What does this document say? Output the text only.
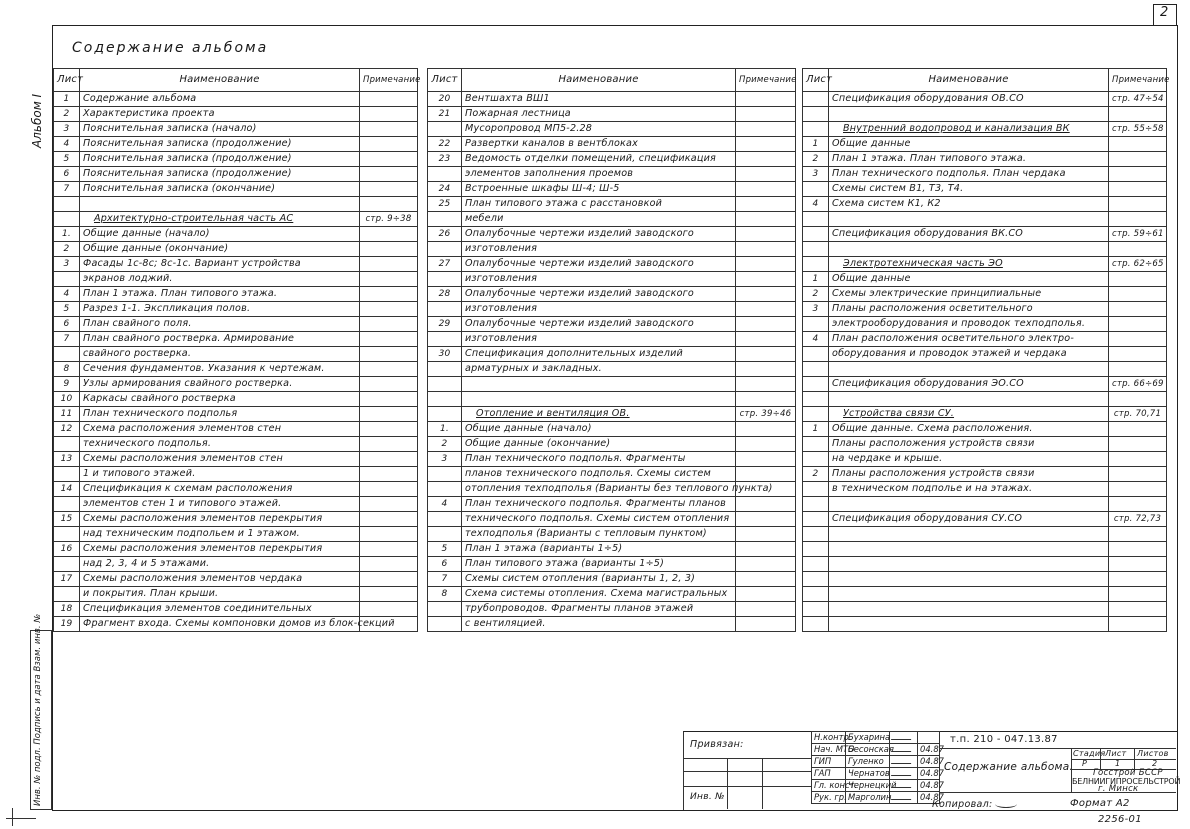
2
Альбом I
Инв. № подл. Подпись и дата Взам. инв. №
Содержание альбома
Лист	Наименование	Примечание
1	Содержание альбома	
2	Характеристика проекта	
3	Пояснительная записка (начало)	
4	Пояснительная записка (продолжение)	
5	Пояснительная записка (продолжение)	
6	Пояснительная записка (продолжение)	
7	Пояснительная записка (окончание)	

	Архитектурно-строительная часть АС	стр. 9÷38
1.	Общие данные (начало)	
2	Общие данные (окончание)	
3	Фасады 1с-8с; 8с-1с. Вариант устройства	
	экранов лоджий.	
4	План 1 этажа. План типового этажа.	
5	Разрез 1-1. Экспликация полов.	
6	План свайного поля.	
7	План свайного ростверка. Армирование	
	свайного ростверка.	
8	Сечения фундаментов. Указания к чертежам.	
9	Узлы армирования свайного ростверка.	
10	Каркасы свайного ростверка	
11	План технического подполья	
12	Схема расположения элементов стен	
	технического подполья.	
13	Схемы расположения элементов стен	
	1 и типового этажей.	
14	Спецификация к схемам расположения	
	элементов стен 1 и типового этажей.	
15	Схемы расположения элементов перекрытия	
	над техническим подпольем и 1 этажом.	
16	Схемы расположения элементов перекрытия	
	над 2, 3, 4 и 5 этажами.	
17	Схемы расположения элементов чердака	
	и покрытия. План крыши.	
18	Спецификация элементов соединительных	
19	Фрагмент входа. Схемы компоновки домов из блок-секций	
Лист	Наименование	Примечание
20	Вентшахта ВШ1	
21	Пожарная лестница	
	Мусоропровод МП5-2.28	
22	Развертки каналов в вентблоках	
23	Ведомость отделки помещений, спецификация	
	элементов заполнения проемов	
24	Встроенные шкафы Ш-4; Ш-5	
25	План типового этажа с расстановкой	
	мебели	
26	Опалубочные чертежи изделий заводского	
	изготовления	
27	Опалубочные чертежи изделий заводского	
	изготовления	
28	Опалубочные чертежи изделий заводского	
	изготовления	
29	Опалубочные чертежи изделий заводского	
	изготовления	
30	Спецификация дополнительных изделий	
	арматурных и закладных.	

	Отопление и вентиляция ОВ.	стр. 39÷46
1.	Общие данные (начало)	
2	Общие данные (окончание)	
3	План технического подполья. Фрагменты	
	планов технического подполья. Схемы систем	
	отопления техподполья (Варианты без теплового пункта)	
4	План технического подполья. Фрагменты планов	
	технического подполья. Схемы систем отопления	
	техподполья (Варианты с тепловым пунктом)	
5	План 1 этажа (варианты 1÷5)	
6	План типового этажа (варианты 1÷5)	
7	Схемы систем отопления (варианты 1, 2, 3)	
8	Схема системы отопления. Схема магистральных	
	трубопроводов. Фрагменты планов этажей	
	с вентиляцией.	
Лист	Наименование	Примечание
	Спецификация оборудования ОВ.СО	стр. 47÷54

	Внутренний водопровод и канализация ВК	стр. 55÷58
1	Общие данные	
2	План 1 этажа. План типового этажа.	
3	План технического подполья. План чердака	
	Схемы систем В1, Т3, Т4.	
4	Схема систем К1, К2	

	Спецификация оборудования ВК.СО	стр. 59÷61

	Электротехническая часть ЭО	стр. 62÷65
1	Общие данные	
2	Схемы электрические принципиальные	
3	Планы расположения осветительного	
	электрооборудования и проводок техподполья.	
4	План расположения осветительного электро-	
	оборудования и проводок этажей и чердака	

	Спецификация оборудования ЭО.СО	стр. 66÷69

	Устройства связи СУ.	стр. 70,71
1	Общие данные. Схема расположения.	
	Планы расположения устройств связи	
	на чердаке и крыше.	
2	Планы расположения устройств связи	
	в техническом подполье и на этажах.	

	Спецификация оборудования СУ.СО	стр. 72,73

Привязан:
Инв. №
Н.контр.	Бухарина		
Нач. МТО	Бесонская		04.87
ГИП	Гуленко		04.87
ГАП	Чернатов		04.87
Гл. конст.	Чернецкий		04.87
Рук. гр.	Марголин		04.87
т.п. 210 - 047.13.87
Содержание альбома.
Стадия Лист Листов
Р	1	2
Госстрой БССР
БЕЛНИИГИПРОСЕЛЬСТРОЙ
г. Минск
Копировал:	Формат А2
2256-01
